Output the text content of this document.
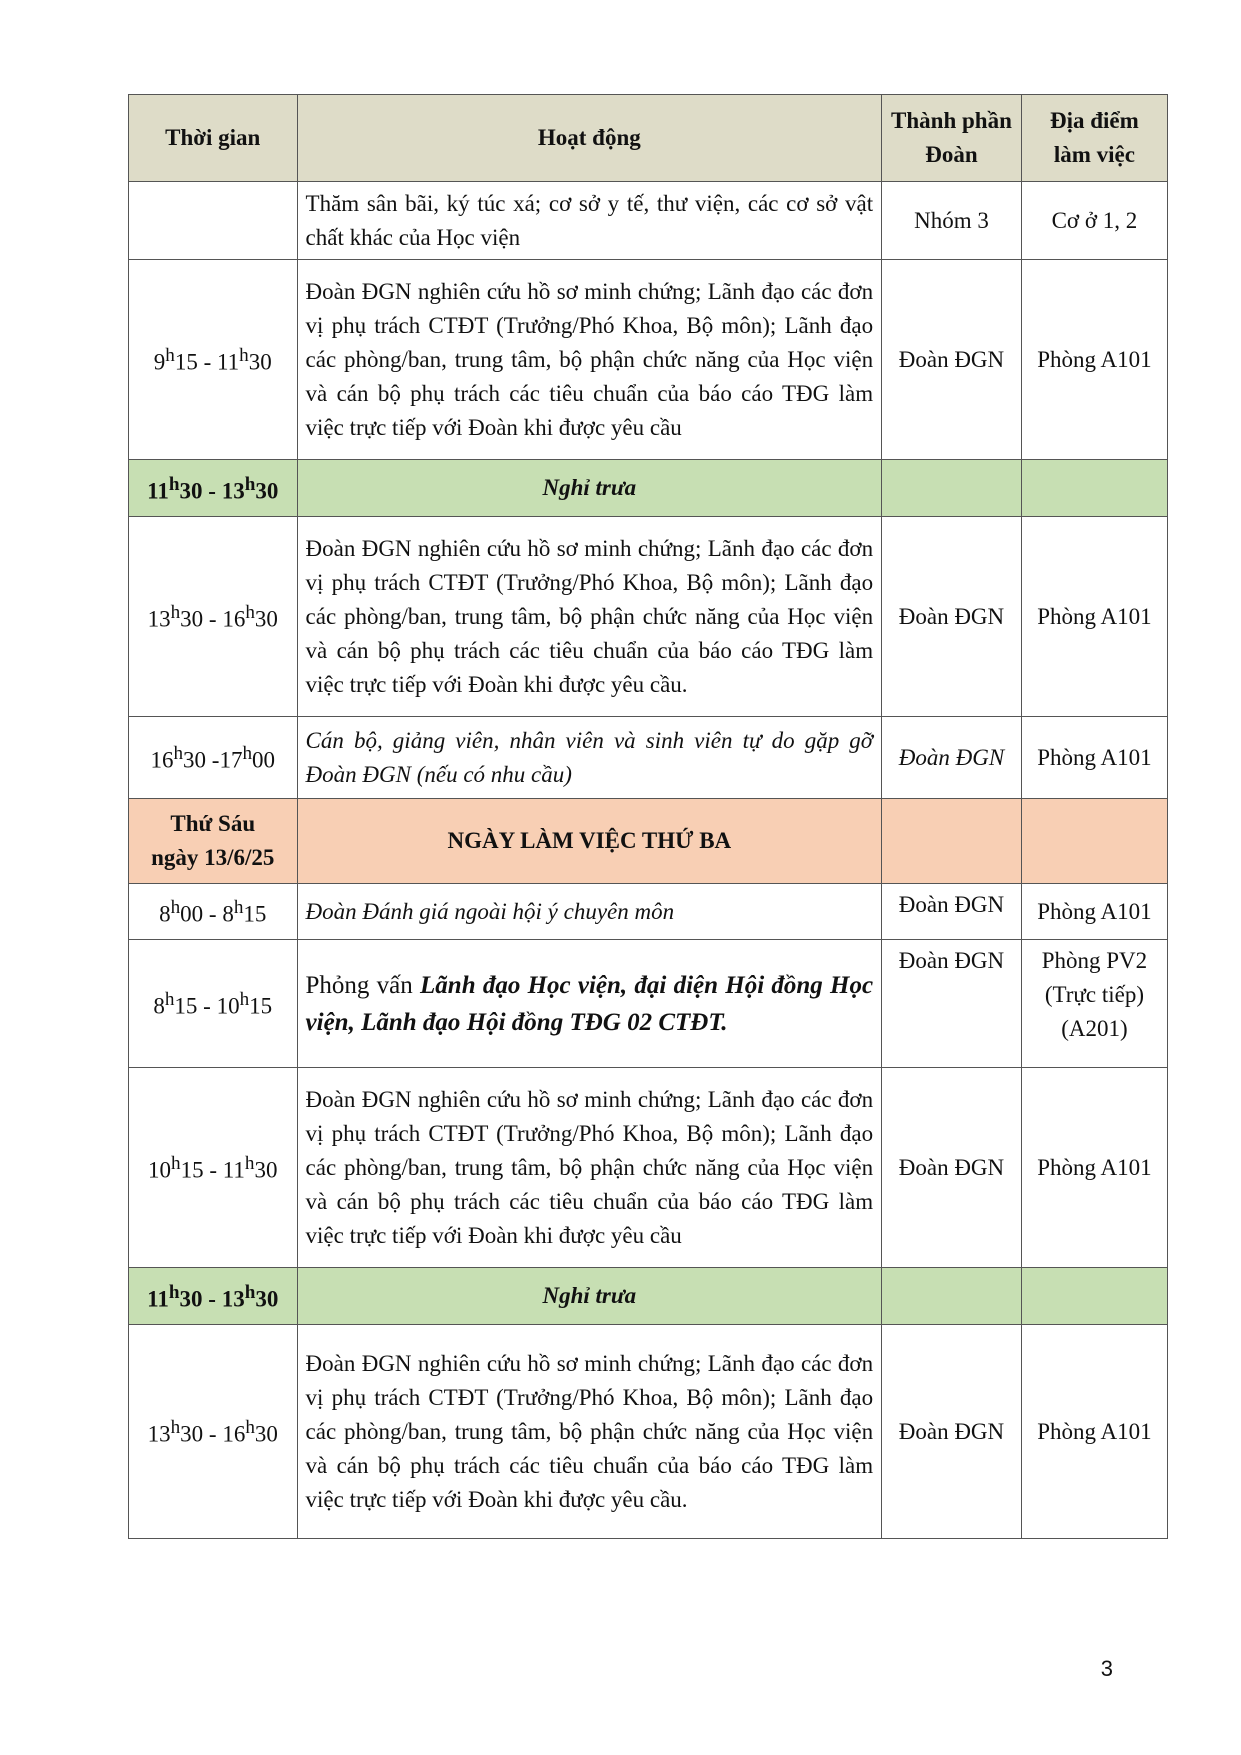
Thời gian	Hoạt động	Thành phần Đoàn	Địa điểm làm việc
	Thăm sân bãi, ký túc xá; cơ sở y tế, thư viện, các cơ sở vật chất khác của Học viện	Nhóm 3	Cơ ở 1, 2
9$^h$15 - 11$^h$30	Đoàn ĐGN nghiên cứu hồ sơ minh chứng; Lãnh đạo các đơn vị phụ trách CTĐT (Trưởng/Phó Khoa, Bộ môn); Lãnh đạo các phòng/ban, trung tâm, bộ phận chức năng của Học viện và cán bộ phụ trách các tiêu chuẩn của báo cáo TĐG làm việc trực tiếp với Đoàn khi được yêu cầu	Đoàn ĐGN	Phòng A101
11$^h$30 - 13$^h$30	Nghỉ trưa		
13$^h$30 - 16$^h$30	Đoàn ĐGN nghiên cứu hồ sơ minh chứng; Lãnh đạo các đơn vị phụ trách CTĐT (Trưởng/Phó Khoa, Bộ môn); Lãnh đạo các phòng/ban, trung tâm, bộ phận chức năng của Học viện và cán bộ phụ trách các tiêu chuẩn của báo cáo TĐG làm việc trực tiếp với Đoàn khi được yêu cầu.	Đoàn ĐGN	Phòng A101
16$^h$30 -17$^h$00	Cán bộ, giảng viên, nhân viên và sinh viên tự do gặp gỡ Đoàn ĐGN (nếu có nhu cầu)	Đoàn ĐGN	Phòng A101
Thứ Sáu
ngày 13/6/25	NGÀY LÀM VIỆC THỨ BA		
8$^h$00 - 8$^h$15	Đoàn Đánh giá ngoài hội ý chuyên môn	Đoàn ĐGN	Phòng A101
8$^h$15 - 10$^h$15	Phỏng vấn Lãnh đạo Học viện, đại diện Hội đồng Học viện, Lãnh đạo Hội đồng TĐG 02 CTĐT.	Đoàn ĐGN	Phòng PV2
(Trực tiếp)
(A201)
10$^h$15 - 11$^h$30	Đoàn ĐGN nghiên cứu hồ sơ minh chứng; Lãnh đạo các đơn vị phụ trách CTĐT (Trưởng/Phó Khoa, Bộ môn); Lãnh đạo các phòng/ban, trung tâm, bộ phận chức năng của Học viện và cán bộ phụ trách các tiêu chuẩn của báo cáo TĐG làm việc trực tiếp với Đoàn khi được yêu cầu	Đoàn ĐGN	Phòng A101
11$^h$30 - 13$^h$30	Nghỉ trưa		
13$^h$30 - 16$^h$30	Đoàn ĐGN nghiên cứu hồ sơ minh chứng; Lãnh đạo các đơn vị phụ trách CTĐT (Trưởng/Phó Khoa, Bộ môn); Lãnh đạo các phòng/ban, trung tâm, bộ phận chức năng của Học viện và cán bộ phụ trách các tiêu chuẩn của báo cáo TĐG làm việc trực tiếp với Đoàn khi được yêu cầu.	Đoàn ĐGN	Phòng A101
3
